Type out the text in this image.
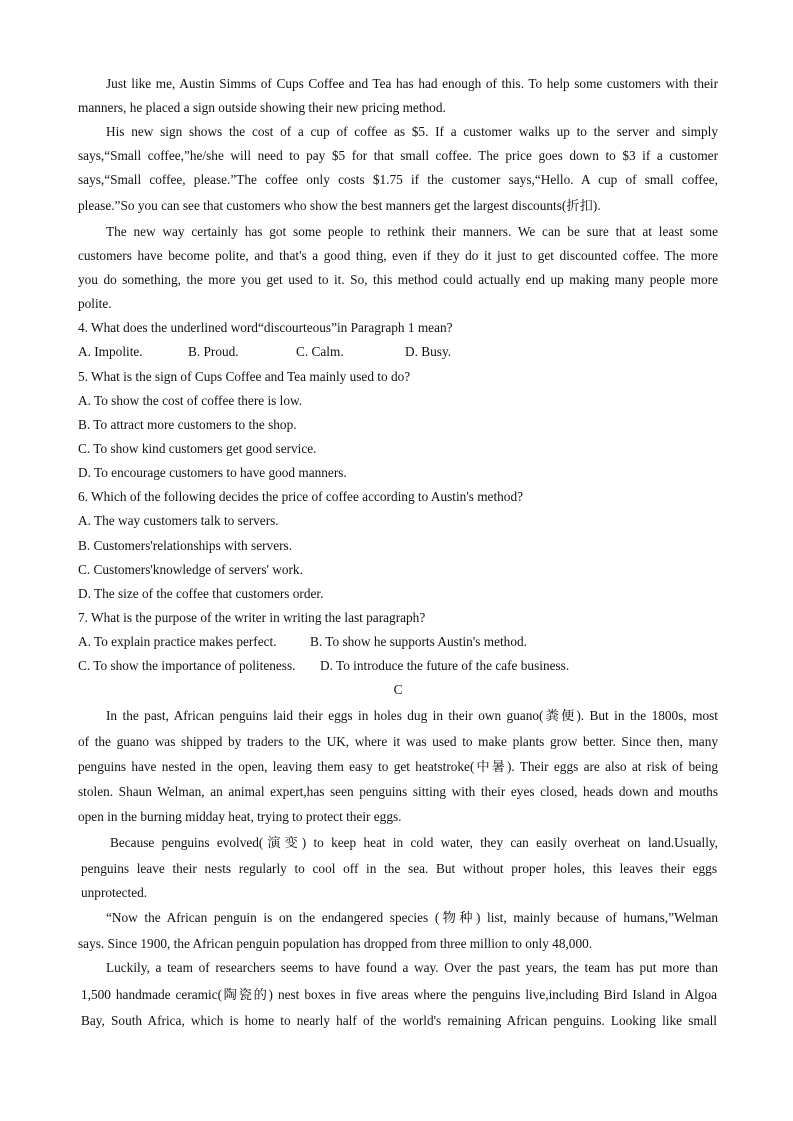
Just like me, Austin Simms of Cups Coffee and Tea has had enough of this. To help some customers with their
manners, he placed a sign outside showing their new pricing method.
His new sign shows the cost of a cup of coffee as $5. If a customer walks up to the server and simply
says,“Small coffee,”he/she will need to pay $5 for that small coffee. The price goes down to $3 if a customer
says,“Small coffee, please.”The coffee only costs $1.75 if the customer says,“Hello. A cup of small coffee,
please.”So you can see that customers who show the best manners get the largest discounts(折扣).
The new way certainly has got some people to rethink their manners. We can be sure that at least some
customers have become polite, and that's a good thing, even if they do it just to get discounted coffee. The more
you do something, the more you get used to it. So, this method could actually end up making many people more
polite.
4. What does the underlined word“discourteous”in Paragraph 1 mean?
A. Impolite.	B. Proud.	C. Calm.	D. Busy.
5. What is the sign of Cups Coffee and Tea mainly used to do?
A. To show the cost of coffee there is low.
B. To attract more customers to the shop.
C. To show kind customers get good service.
D. To encourage customers to have good manners.
6. Which of the following decides the price of coffee according to Austin's method?
A. The way customers talk to servers.
B. Customers'relationships with servers.
C. Customers'knowledge of servers' work.
D. The size of the coffee that customers order.
7. What is the purpose of the writer in writing the last paragraph?
A. To explain practice makes perfect.	B. To show he supports Austin's method.
C. To show the importance of politeness. D. To introduce the future of the cafe business.
C
In the past, African penguins laid their eggs in holes dug in their own guano(粪便). But in the 1800s, most
of the guano was shipped by traders to the UK, where it was used to make plants grow better. Since then, many
penguins have nested in the open, leaving them easy to get heatstroke(中暑). Their eggs are also at risk of being
stolen. Shaun Welman, an animal expert,has seen penguins sitting with their eyes closed, heads down and mouths
open in the burning midday heat, trying to protect their eggs.
Because penguins evolved(演变) to keep heat in cold water, they can easily overheat on land.Usually,
penguins leave their nests regularly to cool off in the sea. But without proper holes, this leaves their eggs
unprotected.
“Now the African penguin is on the endangered species (物种) list, mainly because of humans,”Welman
says. Since 1900, the African penguin population has dropped from three million to only 48,000.
Luckily, a team of researchers seems to have found a way. Over the past years, the team has put more than
1,500 handmade ceramic(陶瓷的) nest boxes in five areas where the penguins live,including Bird Island in Algoa
Bay, South Africa, which is home to nearly half of the world's remaining African penguins. Looking like small
